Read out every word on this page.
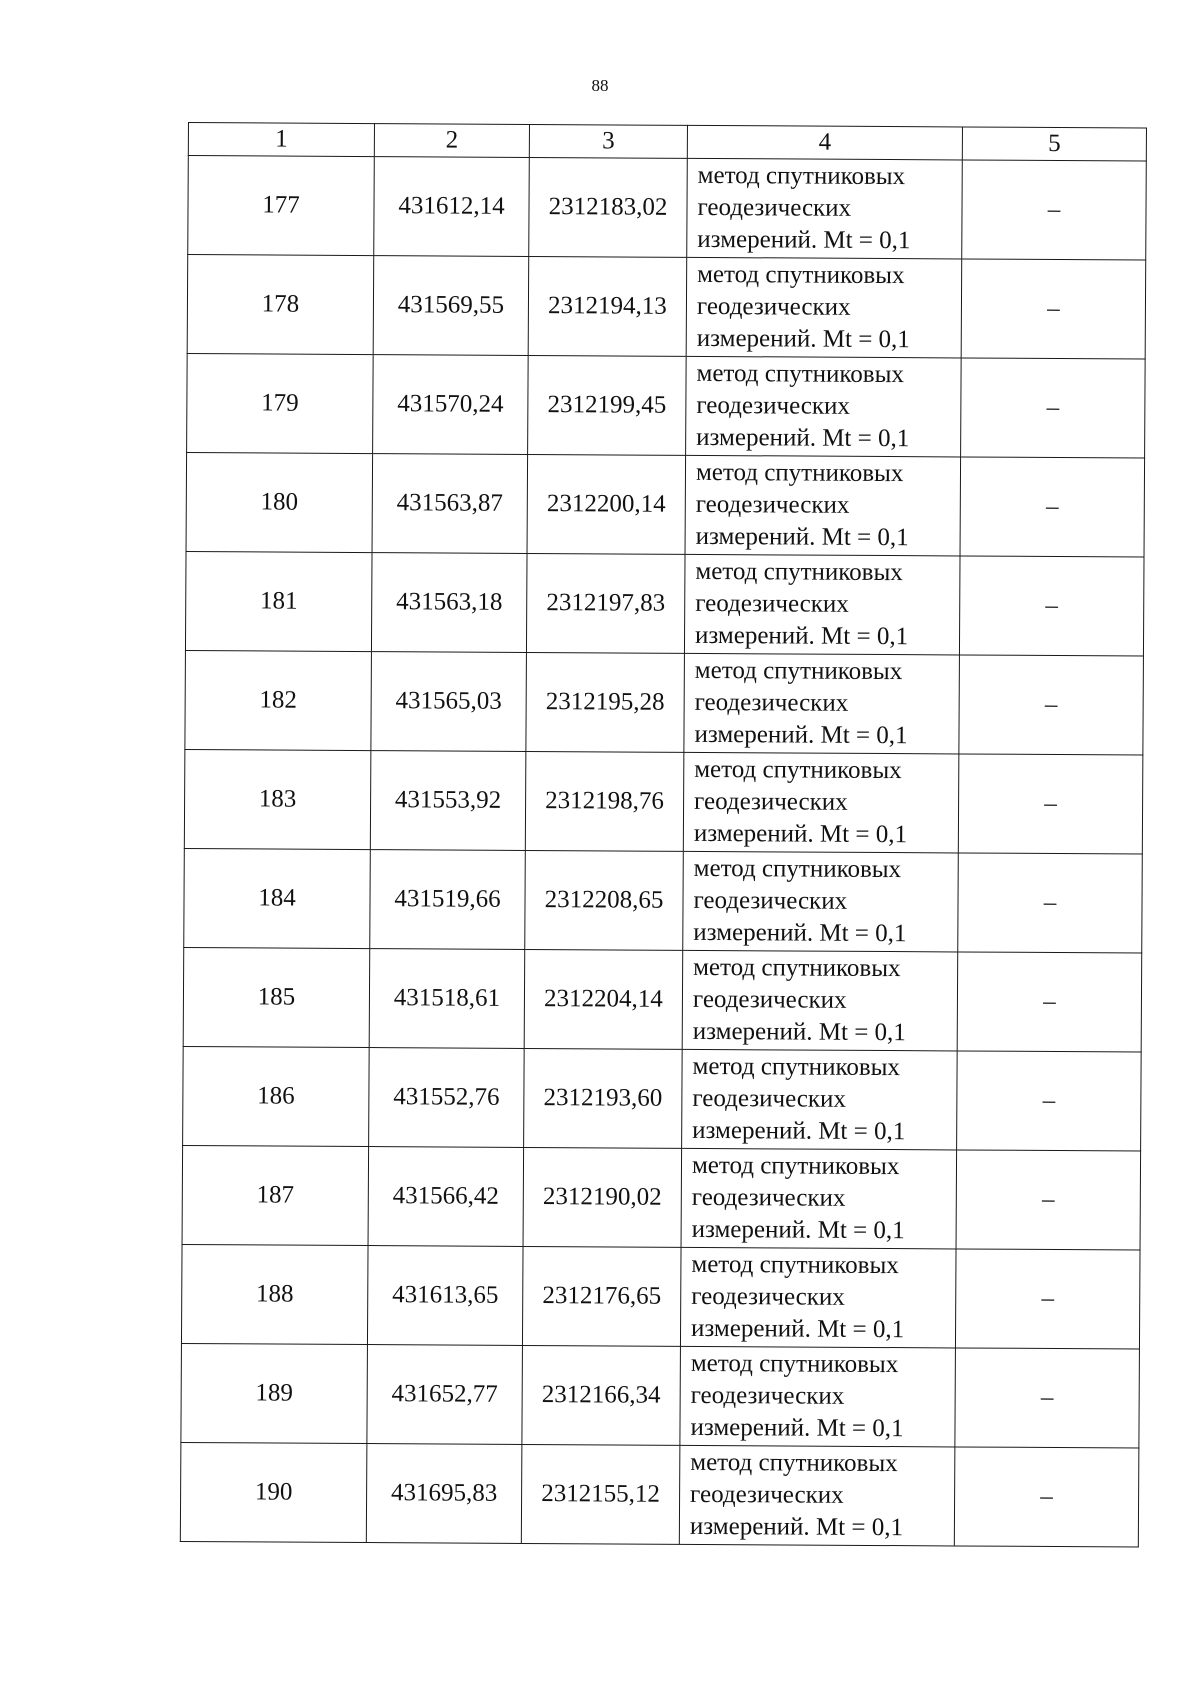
88
1	2	3	4	5
177	431612,14	2312183,02	метод спутниковых
геодезических
измерений. Mt = 0,1	–
178	431569,55	2312194,13	метод спутниковых
геодезических
измерений. Mt = 0,1	–
179	431570,24	2312199,45	метод спутниковых
геодезических
измерений. Mt = 0,1	–
180	431563,87	2312200,14	метод спутниковых
геодезических
измерений. Mt = 0,1	–
181	431563,18	2312197,83	метод спутниковых
геодезических
измерений. Mt = 0,1	–
182	431565,03	2312195,28	метод спутниковых
геодезических
измерений. Mt = 0,1	–
183	431553,92	2312198,76	метод спутниковых
геодезических
измерений. Mt = 0,1	–
184	431519,66	2312208,65	метод спутниковых
геодезических
измерений. Mt = 0,1	–
185	431518,61	2312204,14	метод спутниковых
геодезических
измерений. Mt = 0,1	–
186	431552,76	2312193,60	метод спутниковых
геодезических
измерений. Mt = 0,1	–
187	431566,42	2312190,02	метод спутниковых
геодезических
измерений. Mt = 0,1	–
188	431613,65	2312176,65	метод спутниковых
геодезических
измерений. Mt = 0,1	–
189	431652,77	2312166,34	метод спутниковых
геодезических
измерений. Mt = 0,1	–
190	431695,83	2312155,12	метод спутниковых
геодезических
измерений. Mt = 0,1	–
